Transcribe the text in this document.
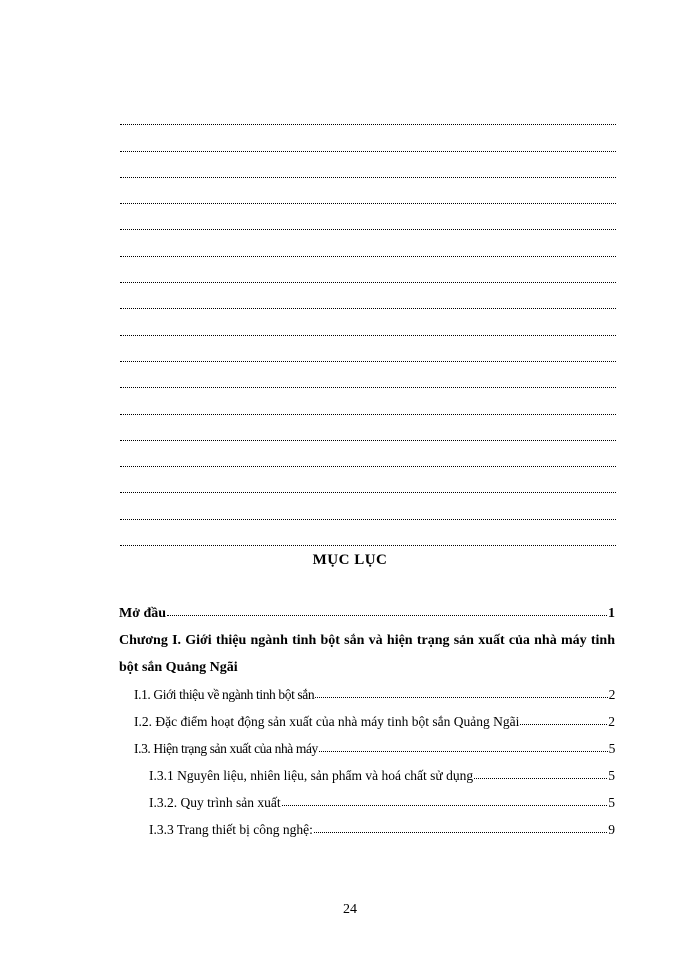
MỤC LỤC
Mở đầu	1
Chương I. Giới thiệu ngành tinh bột sắn và hiện trạng sản xuất của nhà máy tinh bột sắn Quảng Ngãi
I.1. Giới thiệu về ngành tinh bột sắn	2
I.2. Đặc điểm hoạt động sản xuất của nhà máy tinh bột sắn Quảng Ngãi	2
I.3. Hiện trạng sản xuất của nhà máy	5
I.3.1 Nguyên liệu, nhiên liệu, sản phẩm và hoá chất sử dụng	5
I.3.2. Quy trình sản xuất	5
I.3.3 Trang thiết bị công nghệ:	9
24
